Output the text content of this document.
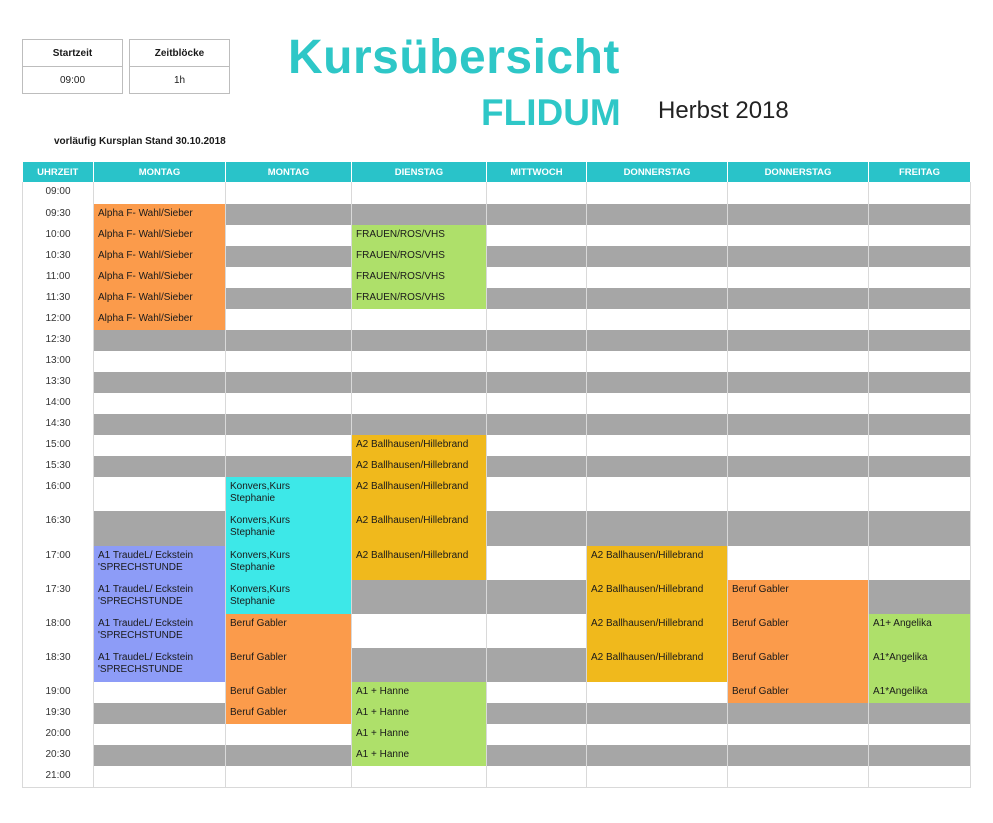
Startzeit
09:00
Zeitblöcke
1h Kursübersicht
FLIDUM Herbst 2018
vorläufig Kursplan Stand 30.10.2018
UHRZEIT	MONTAG	MONTAG	DIENSTAG	MITTWOCH	DONNERSTAG	DONNERSTAG	FREITAG
09:00							
09:30	Alpha F- Wahl/Sieber						
10:00	Alpha F- Wahl/Sieber		FRAUEN/ROS/VHS				
10:30	Alpha F- Wahl/Sieber		FRAUEN/ROS/VHS				
11:00	Alpha F- Wahl/Sieber		FRAUEN/ROS/VHS				
11:30	Alpha F- Wahl/Sieber		FRAUEN/ROS/VHS				
12:00	Alpha F- Wahl/Sieber						
12:30							
13:00							
13:30							
14:00							
14:30							
15:00			A2 Ballhausen/Hillebrand				
15:30			A2 Ballhausen/Hillebrand				
16:00		Konvers,Kurs
Stephanie	A2 Ballhausen/Hillebrand				
16:30		Konvers,Kurs
Stephanie	A2 Ballhausen/Hillebrand				
17:00	A1 TraudeL/ Eckstein
'SPRECHSTUNDE	Konvers,Kurs
Stephanie	A2 Ballhausen/Hillebrand		A2 Ballhausen/Hillebrand		
17:30	A1 TraudeL/ Eckstein
'SPRECHSTUNDE	Konvers,Kurs
Stephanie			A2 Ballhausen/Hillebrand	Beruf Gabler	
18:00	A1 TraudeL/ Eckstein
'SPRECHSTUNDE	Beruf Gabler			A2 Ballhausen/Hillebrand	Beruf Gabler	A1+ Angelika
18:30	A1 TraudeL/ Eckstein
'SPRECHSTUNDE	Beruf Gabler			A2 Ballhausen/Hillebrand	Beruf Gabler	A1*Angelika
19:00		Beruf Gabler	A1 + Hanne			Beruf Gabler	A1*Angelika
19:30		Beruf Gabler	A1 + Hanne				
20:00			A1 + Hanne				
20:30			A1 + Hanne				
21:00							
